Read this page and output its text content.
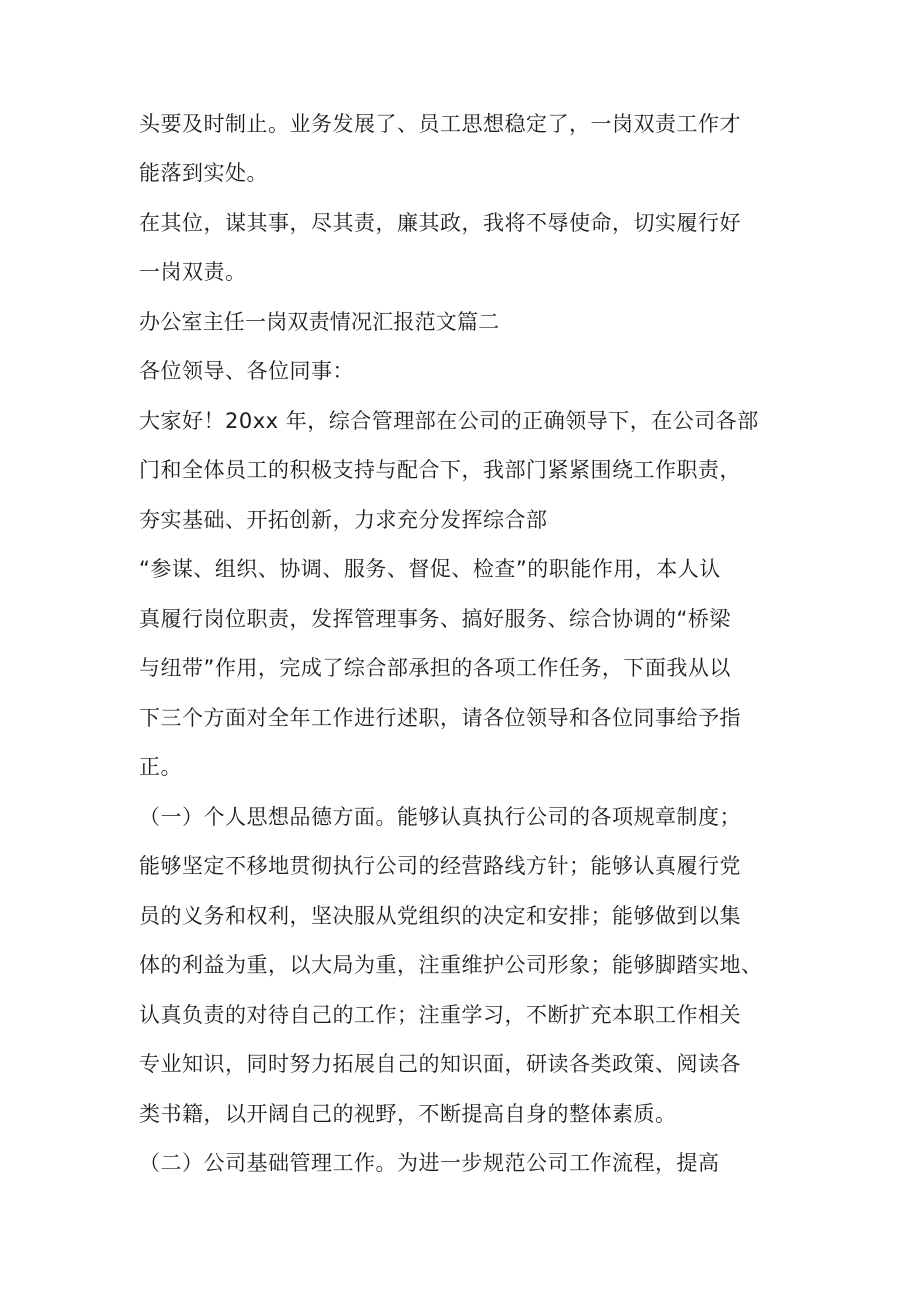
头要及时制止。业务发展了、员工思想稳定了，一岗双责工作才
能落到实处。
在其位，谋其事，尽其责，廉其政，我将不辱使命，切实履行好
一岗双责。
办公室主任一岗双责情况汇报范文篇二
各位领导、各位同事：
大家好！20xx 年，综合管理部在公司的正确领导下，在公司各部
门和全体员工的积极支持与配合下，我部门紧紧围绕工作职责，
夯实基础、开拓创新，力求充分发挥综合部
“参谋、组织、协调、服务、督促、检查”的职能作用，本人认
真履行岗位职责，发挥管理事务、搞好服务、综合协调的“桥梁
与纽带”作用，完成了综合部承担的各项工作任务，下面我从以
下三个方面对全年工作进行述职，请各位领导和各位同事给予指
正。
（一）个人思想品德方面。能够认真执行公司的各项规章制度；
能够坚定不移地贯彻执行公司的经营路线方针；能够认真履行党
员的义务和权利，坚决服从党组织的决定和安排；能够做到以集
体的利益为重，以大局为重，注重维护公司形象；能够脚踏实地、
认真负责的对待自己的工作；注重学习，不断扩充本职工作相关
专业知识，同时努力拓展自己的知识面，研读各类政策、阅读各
类书籍，以开阔自己的视野，不断提高自身的整体素质。
（二）公司基础管理工作。为进一步规范公司工作流程，提高
